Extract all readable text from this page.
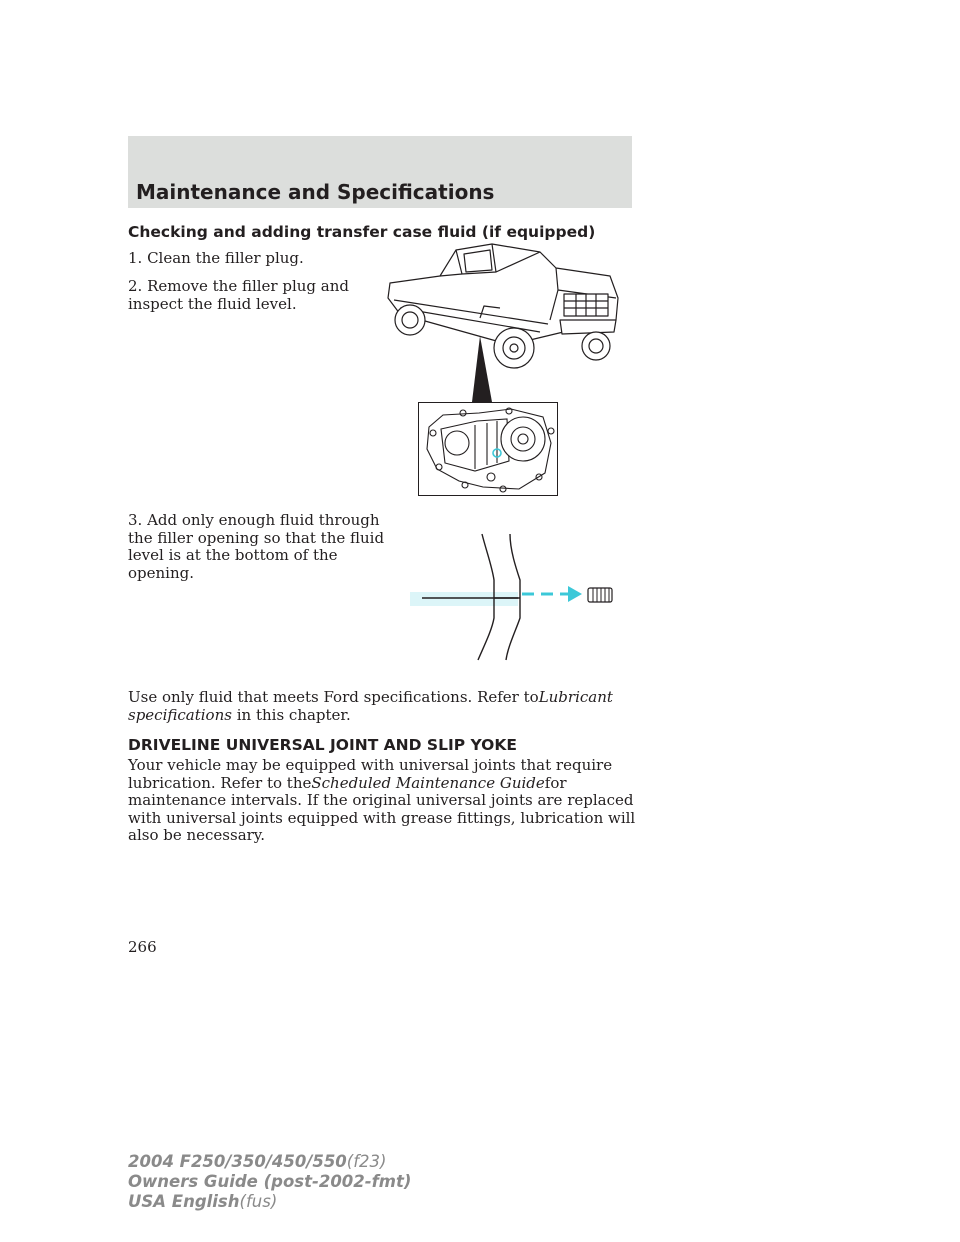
Maintenance and Specifications
Checking and adding transfer case fluid (if equipped)

1. Clean the filler plug.

2. Remove the filler plug and inspect the fluid level.

3. Add only enough fluid through the filler opening so that the fluid level is at the bottom of the opening.

Use only fluid that meets Ford specifications. Refer toLubricant specifications in this chapter.

DRIVELINE UNIVERSAL JOINT AND SLIP YOKE

Your vehicle may be equipped with universal joints that require lubrication. Refer to theScheduled Maintenance Guidefor maintenance intervals. If the original universal joints are replaced with universal joints equipped with grease fittings, lubrication will also be necessary.

266

2004 F250/350/450/550(f23)
Owners Guide (post-2002-fmt)
USA English(fus)
